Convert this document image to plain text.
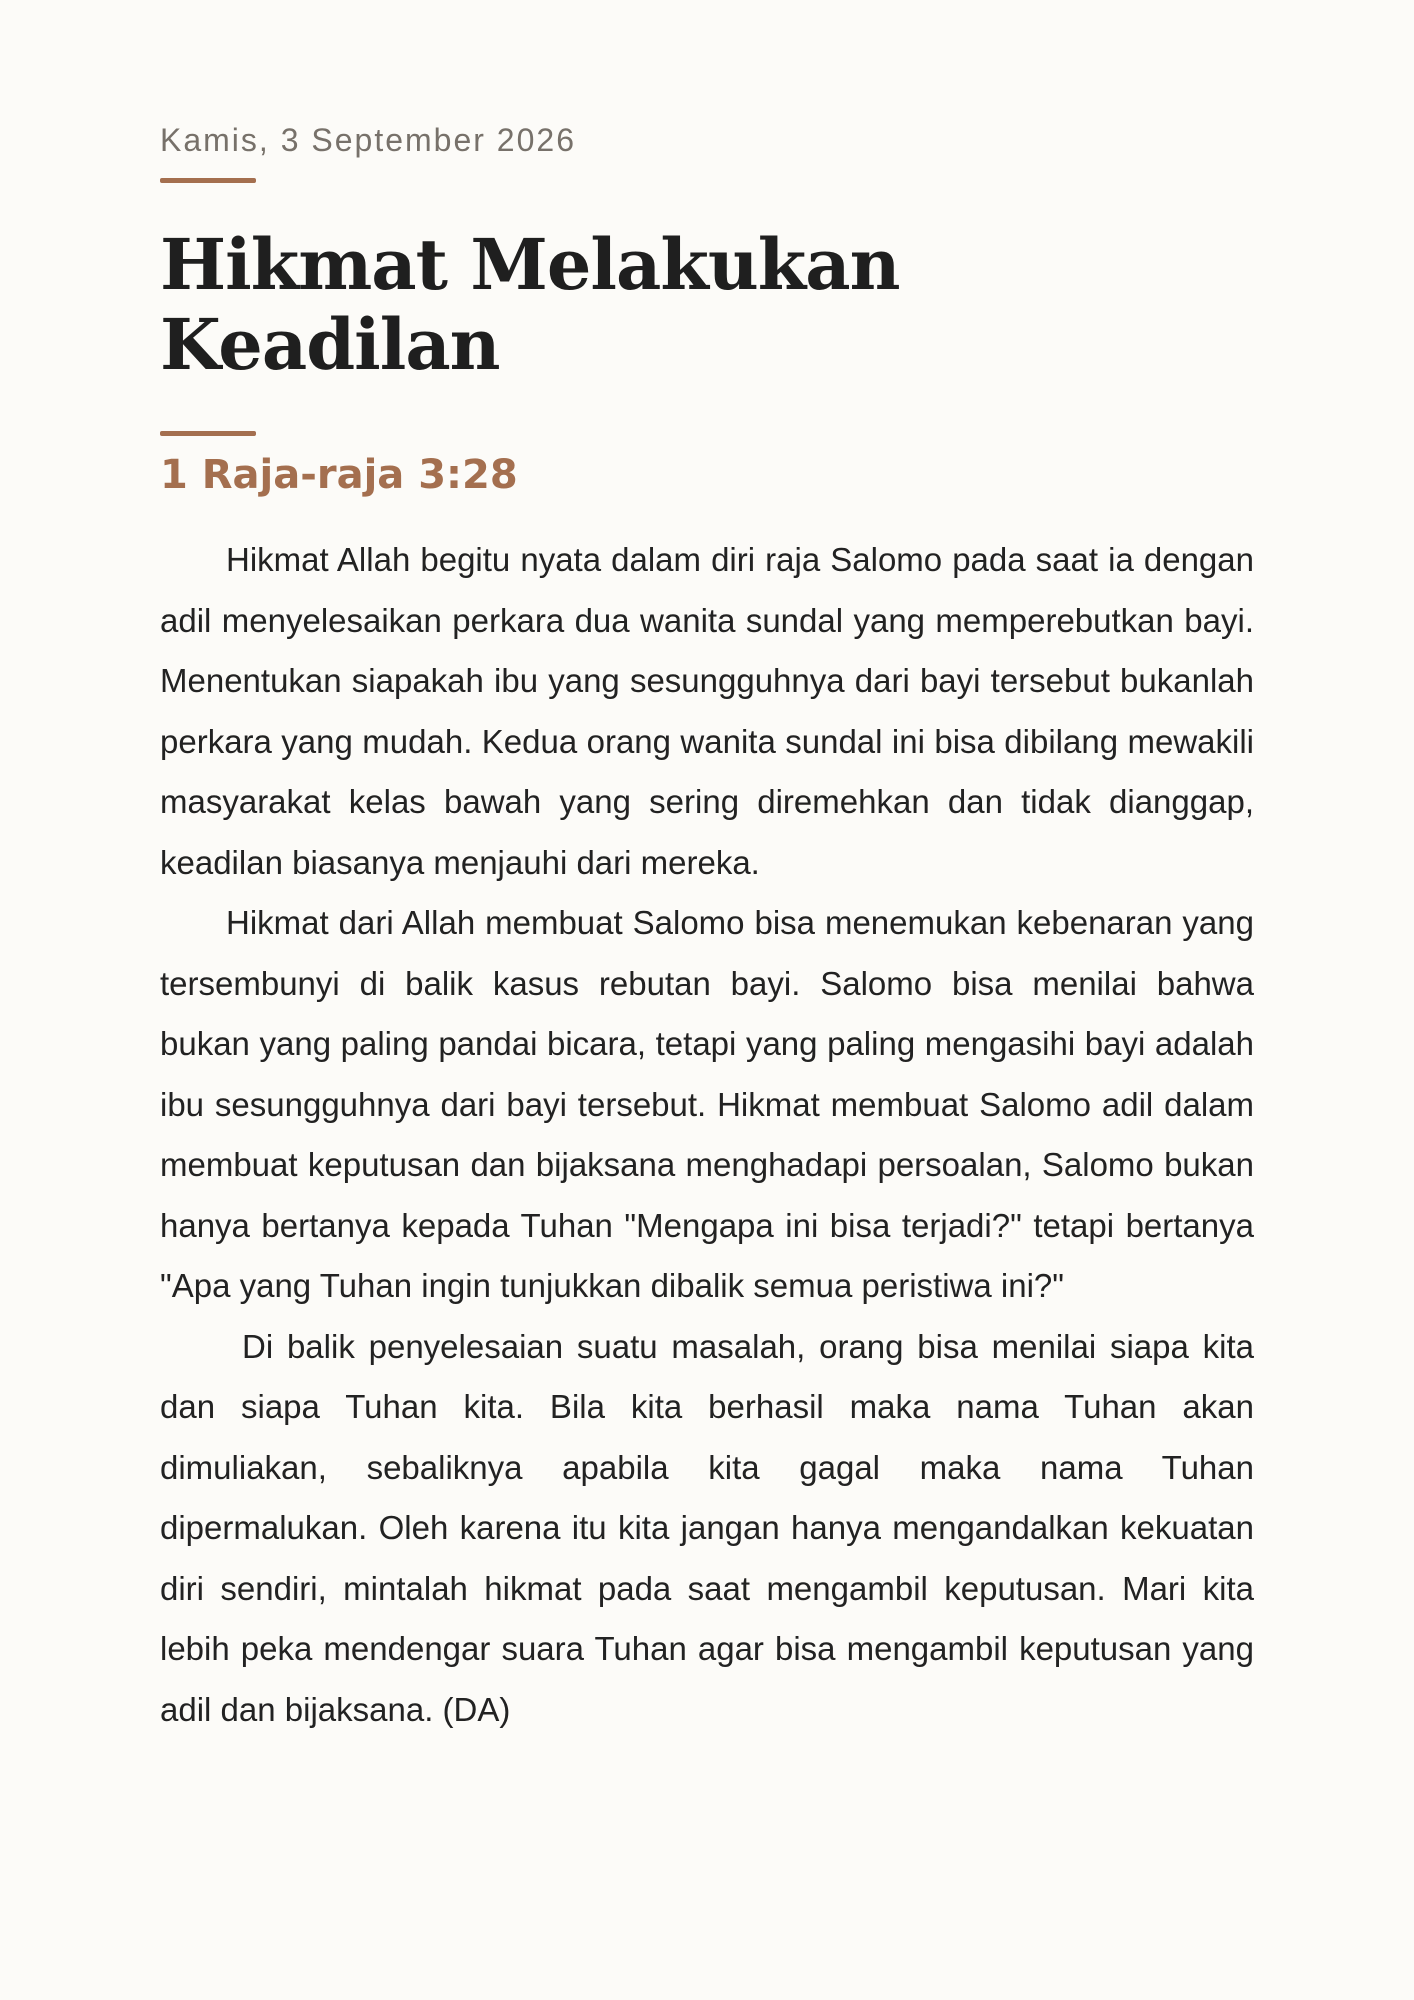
Kamis, 3 September 2026

Hikmat Melakukan Keadilan
1 Raja-raja 3:28

Hikmat Allah begitu nyata dalam diri raja Salomo pada saat ia dengan adil menyelesaikan perkara dua wanita sundal yang memperebutkan bayi. Menentukan siapakah ibu yang sesungguhnya dari bayi tersebut bukanlah perkara yang mudah. Kedua orang wanita sundal ini bisa dibilang mewakili masyarakat kelas bawah yang sering diremehkan dan tidak dianggap, keadilan biasanya menjauhi dari mereka.

Hikmat dari Allah membuat Salomo bisa menemukan kebenaran yang tersembunyi di balik kasus rebutan bayi. Salomo bisa menilai bahwa bukan yang paling pandai bicara, tetapi yang paling mengasihi bayi adalah ibu sesungguhnya dari bayi tersebut. Hikmat membuat Salomo adil dalam membuat keputusan dan bijaksana menghadapi persoalan, Salomo bukan hanya bertanya kepada Tuhan "Mengapa ini bisa terjadi?" tetapi bertanya "Apa yang Tuhan ingin tunjukkan dibalik semua peristiwa ini?"

Di balik penyelesaian suatu masalah, orang bisa menilai siapa kita dan siapa Tuhan kita. Bila kita berhasil maka nama Tuhan akan dimuliakan, sebaliknya apabila kita gagal maka nama Tuhan dipermalukan. Oleh karena itu kita jangan hanya mengandalkan kekuatan diri sendiri, mintalah hikmat pada saat mengambil keputusan. Mari kita lebih peka mendengar suara Tuhan agar bisa mengambil keputusan yang adil dan bijaksana. (DA)
